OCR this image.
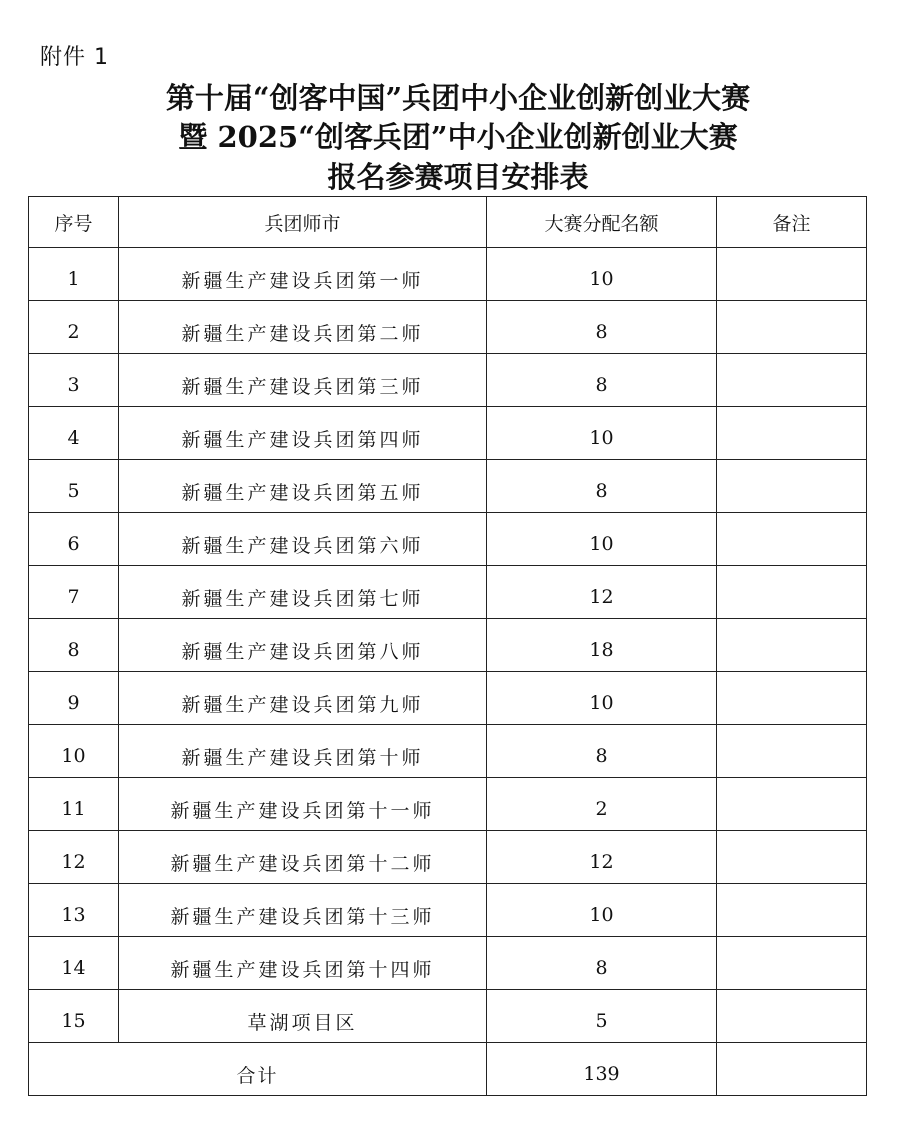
附件 1
第十届“创客中国”兵团中小企业创新创业大赛
暨 2025“创客兵团”中小企业创新创业大赛
报名参赛项目安排表
序号	兵团师市	大赛分配名额	备注
1	新疆生产建设兵团第一师	10	
2	新疆生产建设兵团第二师	8	
3	新疆生产建设兵团第三师	8	
4	新疆生产建设兵团第四师	10	
5	新疆生产建设兵团第五师	8	
6	新疆生产建设兵团第六师	10	
7	新疆生产建设兵团第七师	12	
8	新疆生产建设兵团第八师	18	
9	新疆生产建设兵团第九师	10	
10	新疆生产建设兵团第十师	8	
11	新疆生产建设兵团第十一师	2	
12	新疆生产建设兵团第十二师	12	
13	新疆生产建设兵团第十三师	10	
14	新疆生产建设兵团第十四师	8	
15	草湖项目区	5	
合计		139	
